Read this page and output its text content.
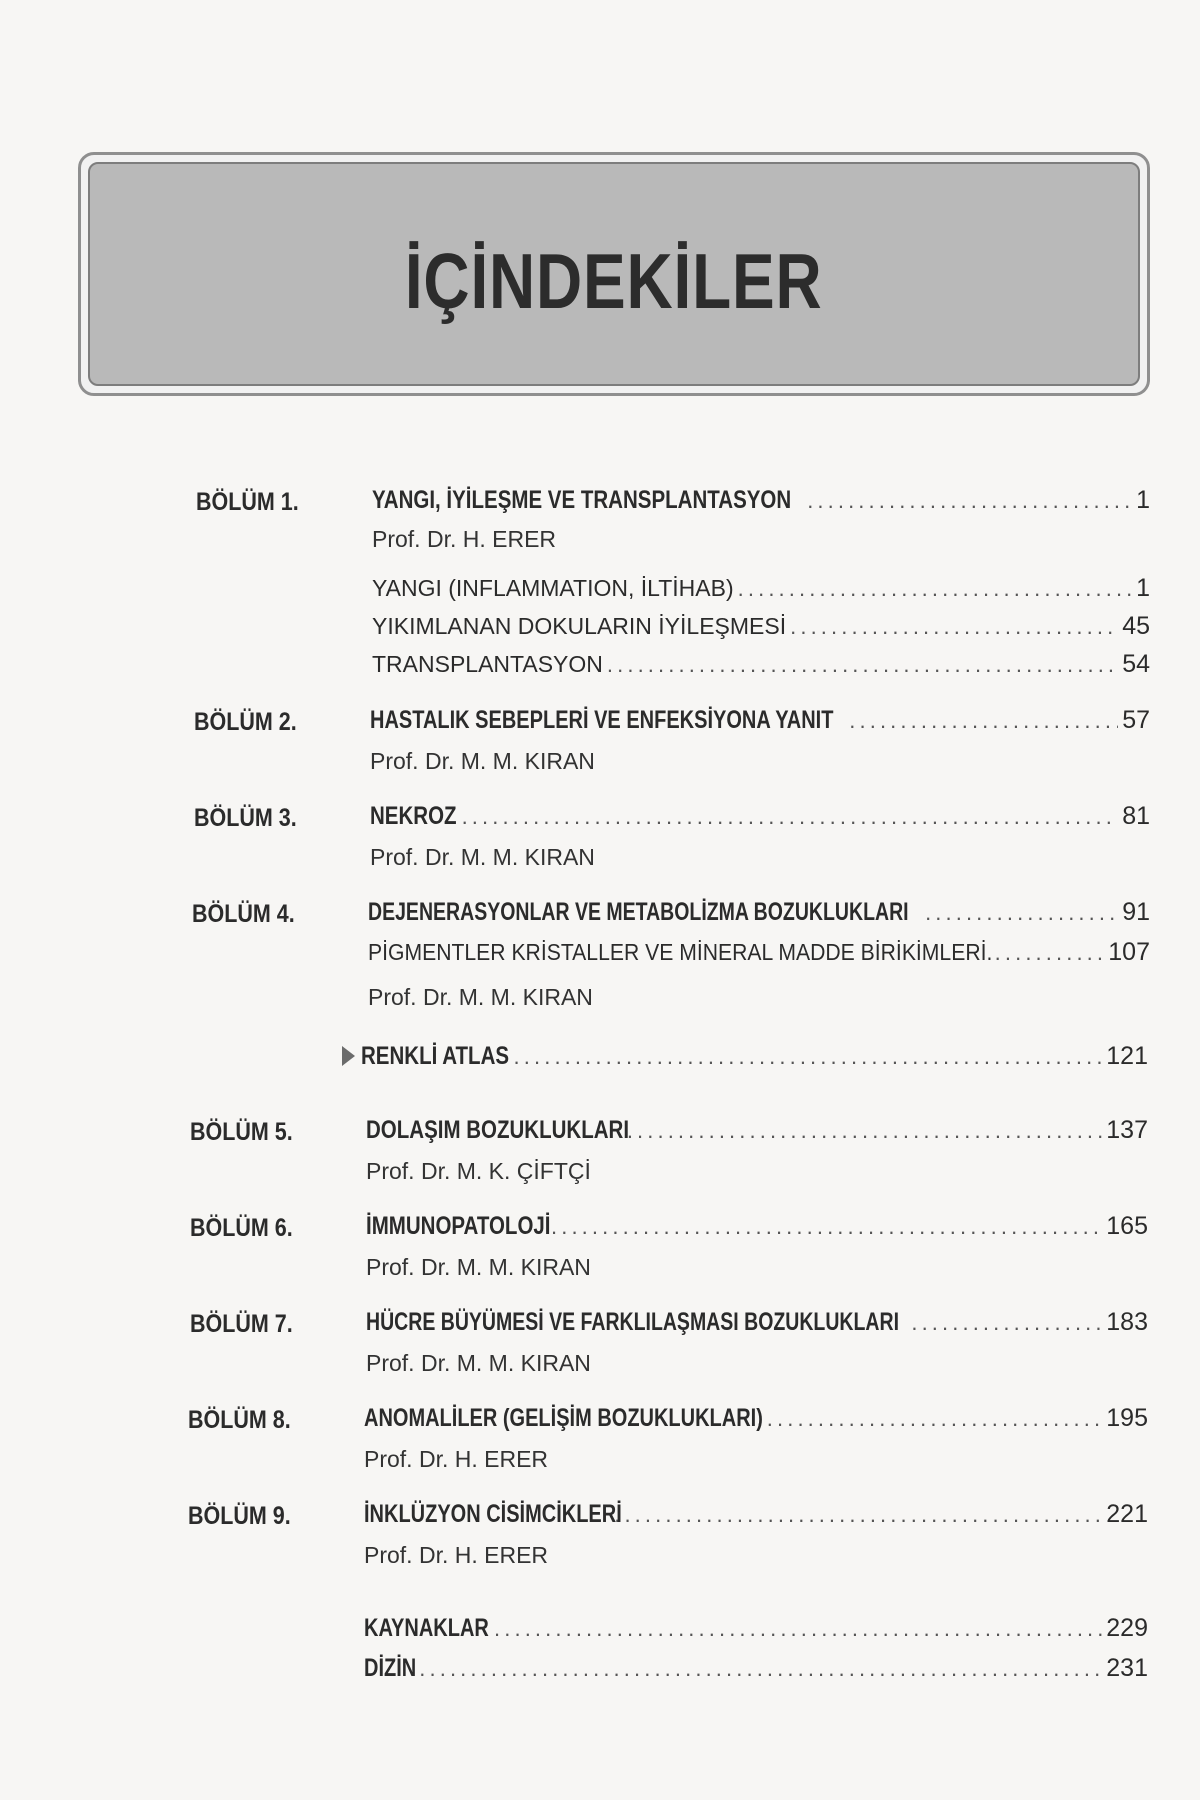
İÇİNDEKİLER
BÖLÜM 1.	YANGI, İYİLEŞME VE TRANSPLANTASYON . . .	1
Prof. Dr. H. ERER
YANGI (INFLAMMATION, İLTİHAB) . . .	1
YIKIMLANAN DOKULARIN İYİLEŞMESİ . . .	45
TRANSPLANTASYON . . .	54
BÖLÜM 2.	HASTALIK SEBEPLERİ VE ENFEKSİYONA YANIT . . .	57
Prof. Dr. M. M. KIRAN
BÖLÜM 3.	NEKROZ . . .	81
Prof. Dr. M. M. KIRAN
BÖLÜM 4.	DEJENERASYONLAR VE METABOLİZMA BOZUKLUKLARI . . .	91
PİGMENTLER KRİSTALLER VE MİNERAL MADDE BİRİKİMLERİ. . . .	107
Prof. Dr. M. M. KIRAN
RENKLİ ATLAS . . .	121
BÖLÜM 5.	DOLAŞIM BOZUKLUKLARI . . .	137
Prof. Dr. M. K. ÇİFTÇİ
BÖLÜM 6.	İMMUNOPATOLOJİ . . .	165
Prof. Dr. M. M. KIRAN
BÖLÜM 7.	HÜCRE BÜYÜMESİ VE FARKLILAŞMASI BOZUKLUKLARI . . .	183
Prof. Dr. M. M. KIRAN
BÖLÜM 8.	ANOMALİLER (GELİŞİM BOZUKLUKLARI) . . .	195
Prof. Dr. H. ERER
BÖLÜM 9.	İNKLÜZYON CİSİMCİKLERİ . . .	221
Prof. Dr. H. ERER
KAYNAKLAR . . .	229
DİZİN . . .	231
